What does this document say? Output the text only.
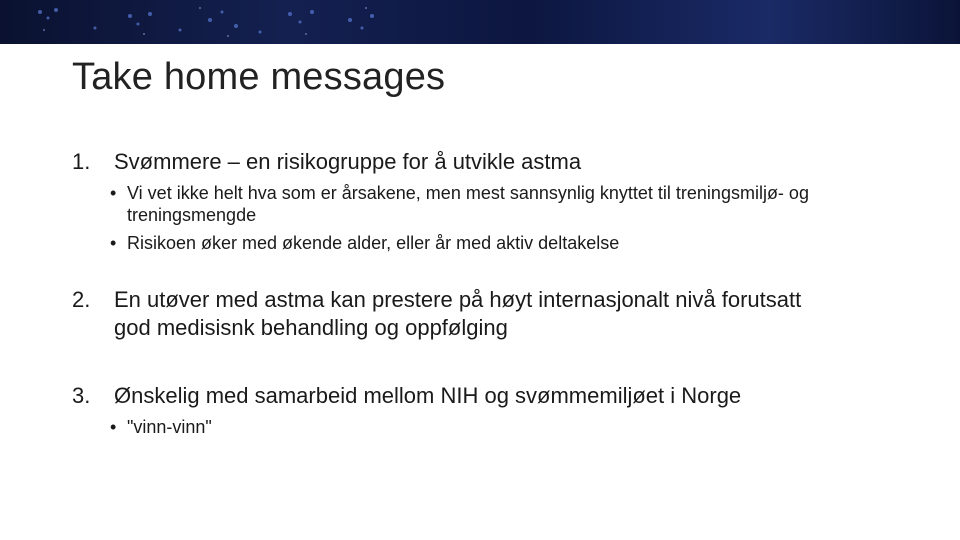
Take home messages
1.	Svømmere – en risikogruppe for å utvikle astma
• Vi vet ikke helt hva som er årsakene, men mest sannsynlig knyttet til treningsmiljø- og treningsmengde
• Risikoen øker med økende alder, eller år med aktiv deltakelse
2.	En utøver med astma kan prestere på høyt internasjonalt nivå forutsatt god medisisnk behandling og oppfølging
3.	Ønskelig med samarbeid mellom NIH og svømmemiljøet i Norge
• "vinn-vinn"
